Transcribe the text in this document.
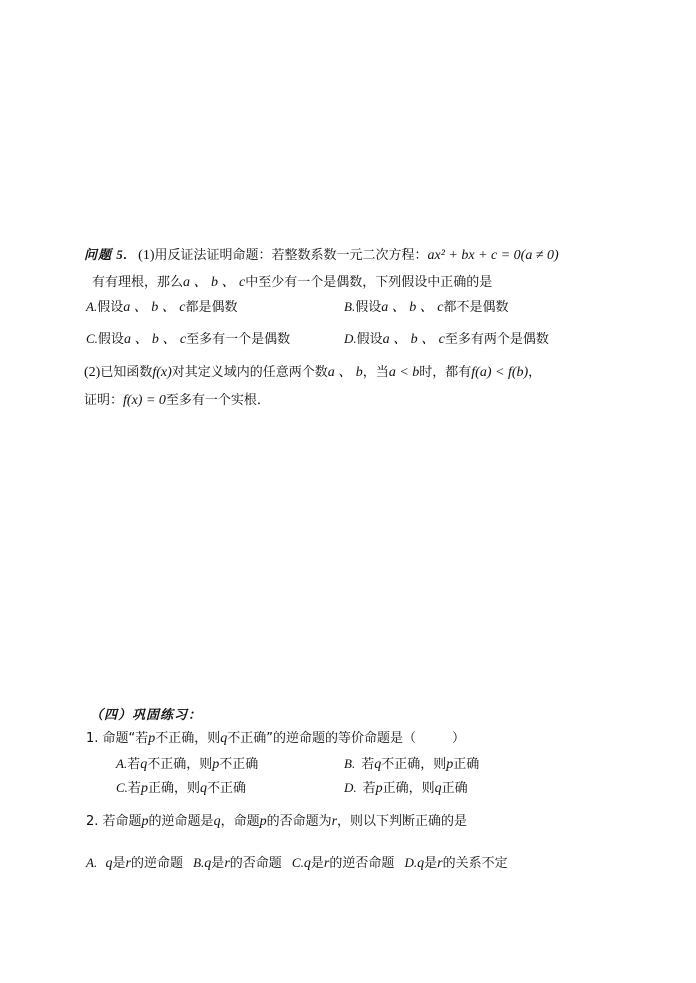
问题 5. (1)用反证法证明命题：若整数系数一元二次方程：ax² + bx + c = 0(a ≠ 0)
有有理根，那么a 、 b 、 c中至少有一个是偶数，下列假设中正确的是
A.假设a 、 b 、 c都是偶数	B.假设a 、 b 、 c都不是偶数
C.假设a 、 b 、 c至多有一个是偶数	D.假设a 、 b 、 c至多有两个是偶数
(2)已知函数f(x)对其定义域内的任意两个数a 、 b，当a < b时，都有f(a) < f(b)，
证明：f(x) = 0至多有一个实根．
（四）巩固练习：
1. 命题“若p不正确，则q不正确”的逆命题的等价命题是（	）
A.若q不正确，则p不正确	B. 若q不正确，则p正确
C.若p正确，则q不正确	D. 若p正确，则q正确
2. 若命题p的逆命题是q，命题p的否命题为r，则以下判断正确的是
A. q是r的逆命题 B.q是r的否命题 C.q是r的逆否命题 D.q是r的关系不定
